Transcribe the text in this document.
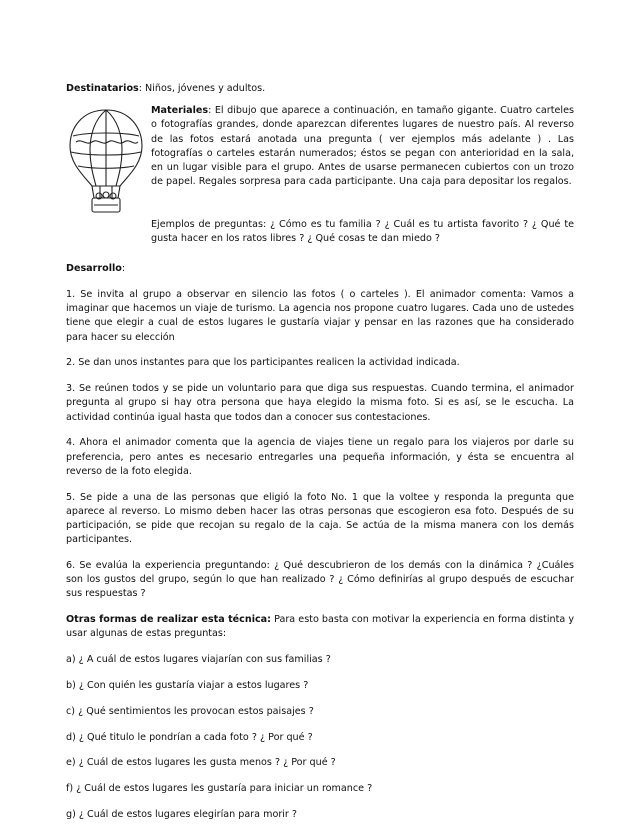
Destinatarios: Niños, jóvenes y adultos.

Materiales: El dibujo que aparece a continuación, en tamaño gigante. Cuatro carteles o fotografías grandes, donde aparezcan diferentes lugares de nuestro país. Al reverso de las fotos estará anotada una pregunta ( ver ejemplos más adelante ) . Las fotografías o carteles estarán numerados; éstos se pegan con anterioridad en la sala, en un lugar visible para el grupo. Antes de usarse permanecen cubiertos con un trozo de papel. Regales sorpresa para cada participante. Una caja para depositar los regalos.

Ejemplos de preguntas: ¿ Cómo es tu familia ? ¿ Cuál es tu artista favorito ? ¿ Qué te gusta hacer en los ratos libres ? ¿ Qué cosas te dan miedo ?

Desarrollo:

1. Se invita al grupo a observar en silencio las fotos ( o carteles ). El animador comenta: Vamos a imaginar que hacemos un viaje de turismo. La agencia nos propone cuatro lugares. Cada uno de ustedes tiene que elegir a cual de estos lugares le gustaría viajar y pensar en las razones que ha considerado para hacer su elección

2. Se dan unos instantes para que los participantes realicen la actividad indicada.

3. Se reúnen todos y se pide un voluntario para que diga sus respuestas. Cuando termina, el animador pregunta al grupo si hay otra persona que haya elegido la misma foto. Si es así, se le escucha. La actividad continúa igual hasta que todos dan a conocer sus contestaciones.

4. Ahora el animador comenta que la agencia de viajes tiene un regalo para los viajeros por darle su preferencia, pero antes es necesario entregarles una pequeña información, y ésta se encuentra al reverso de la foto elegida.

5. Se pide a una de las personas que eligió la foto No. 1 que la voltee y responda la pregunta que aparece al reverso. Lo mismo deben hacer las otras personas que escogieron esa foto. Después de su participación, se pide que recojan su regalo de la caja. Se actúa de la misma manera con los demás participantes.

6. Se evalúa la experiencia preguntando: ¿ Qué descubrieron de los demás con la dinámica ? ¿Cuáles son los gustos del grupo, según lo que han realizado ? ¿ Cómo definirías al grupo después de escuchar sus respuestas ?

Otras formas de realizar esta técnica: Para esto basta con motivar la experiencia en forma distinta y usar algunas de estas preguntas:

a) ¿ A cuál de estos lugares viajarían con sus familias ?

b) ¿ Con quién les gustaría viajar a estos lugares ?

c) ¿ Qué sentimientos les provocan estos paisajes ?

d) ¿ Qué titulo le pondrían a cada foto ? ¿ Por qué ?

e) ¿ Cuál de estos lugares les gusta menos ? ¿ Por qué ?

f) ¿ Cuál de estos lugares les gustaría para iniciar un romance ?

g) ¿ Cuál de estos lugares elegirían para morir ?
